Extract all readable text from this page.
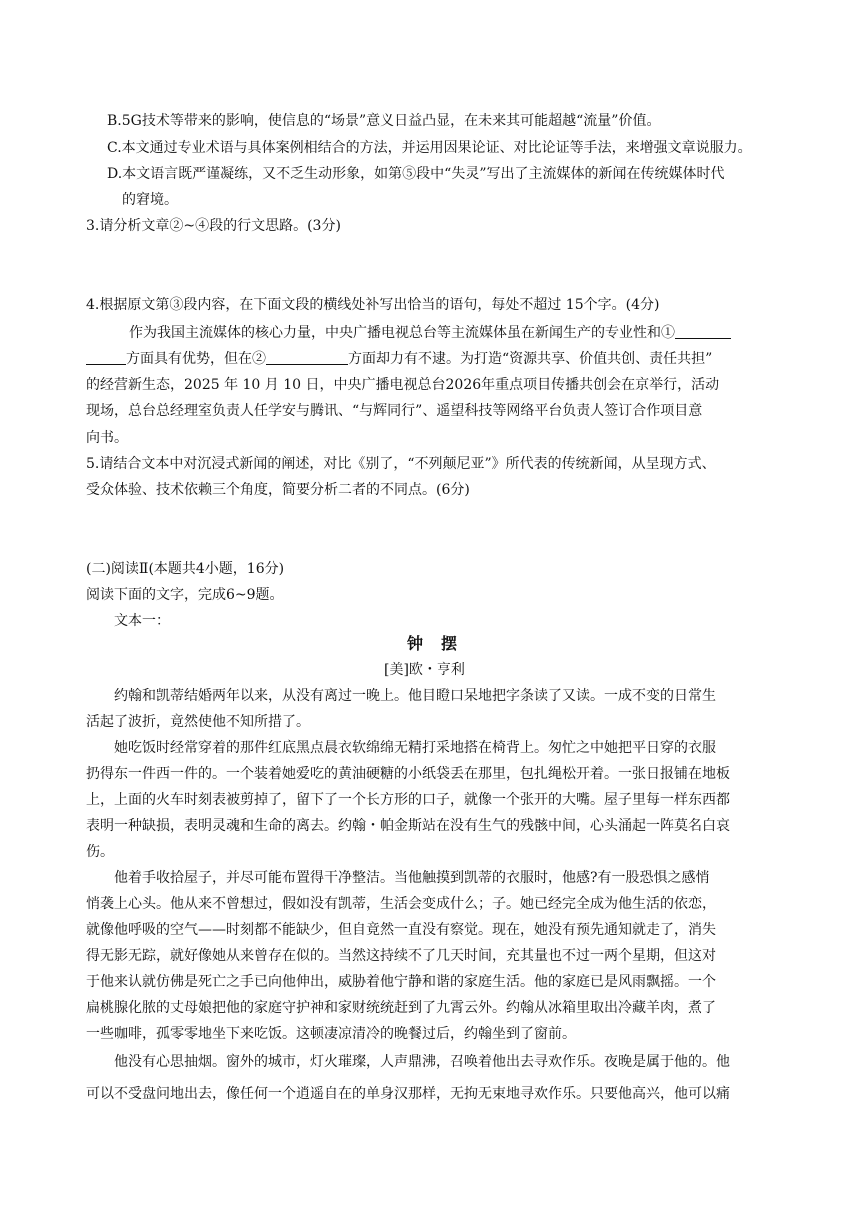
B.5G技术等带来的影响，使信息的“场景”意义日益凸显，在未来其可能超越“流量”价值。
C.本文通过专业术语与具体案例相结合的方法，并运用因果论证、对比论证等手法，来增强文章说服力。
D.本文语言既严谨凝练，又不乏生动形象，如第⑤段中“失灵”写出了主流媒体的新闻在传统媒体时代
的窘境。
3.请分析文章②~④段的行文思路。(3分)
4.根据原文第③段内容，在下面文段的横线处补写出恰当的语句，每处不超过 15个字。(4分)
作为我国主流媒体的核心力量，中央广播电视总台等主流媒体虽在新闻生产的专业性和①
方面具有优势，但在②	方面却力有不逮。为打造“资源共享、价值共创、责任共担”
的经营新生态，2025 年 10 月 10 日，中央广播电视总台2026年重点项目传播共创会在京举行，活动
现场，总台总经理室负责人任学安与腾讯、“与辉同行”、遥望科技等网络平台负责人签订合作项目意
向书。
5.请结合文本中对沉浸式新闻的阐述，对比《别了，“不列颠尼亚”》所代表的传统新闻，从呈现方式、
受众体验、技术依赖三个角度，简要分析二者的不同点。(6分)
(二)阅读Ⅱ(本题共4小题，16分)
阅读下面的文字，完成6~9题。
文本一：
钟摆
[美]欧・亨利
约翰和凯蒂结婚两年以来，从没有离过一晚上。他目瞪口呆地把字条读了又读。一成不变的日常生
活起了波折，竟然使他不知所措了。
她吃饭时经常穿着的那件红底黑点晨衣软绵绵无精打采地搭在椅背上。匆忙之中她把平日穿的衣服
扔得东一件西一件的。一个装着她爱吃的黄油硬糖的小纸袋丢在那里，包扎绳松开着。一张日报铺在地板
上，上面的火车时刻表被剪掉了，留下了一个长方形的口子，就像一个张开的大嘴。屋子里每一样东西都
表明一种缺损，表明灵魂和生命的离去。约翰・帕金斯站在没有生气的残骸中间，心头涌起一阵莫名白哀
伤。
他着手收拾屋子，并尽可能布置得干净整洁。当他触摸到凯蒂的衣服时，他感?有一股恐惧之感悄
悄袭上心头。他从来不曾想过，假如没有凯蒂，生活会变成什么；子。她已经完全成为他生活的依恋，
就像他呼吸的空气——时刻都不能缺少，但自竟然一直没有察觉。现在，她没有预先通知就走了，消失
得无影无踪，就好像她从来曾存在似的。当然这持续不了几天时间，充其量也不过一两个星期，但这对
于他来认就仿佛是死亡之手已向他伸出，威胁着他宁静和谐的家庭生活。他的家庭已是风雨飘摇。一个
扁桃腺化脓的丈母娘把他的家庭守护神和家财统统赶到了九霄云外。约翰从冰箱里取出冷藏羊肉，煮了
一些咖啡，孤零零地坐下来吃饭。这顿凄凉清冷的晚餐过后，约翰坐到了窗前。
他没有心思抽烟。窗外的城市，灯火璀璨，人声鼎沸，召唤着他出去寻欢作乐。夜晚是属于他的。他
可以不受盘问地出去，像任何一个逍遥自在的单身汉那样，无拘无束地寻欢作乐。只要他高兴，他可以痛
